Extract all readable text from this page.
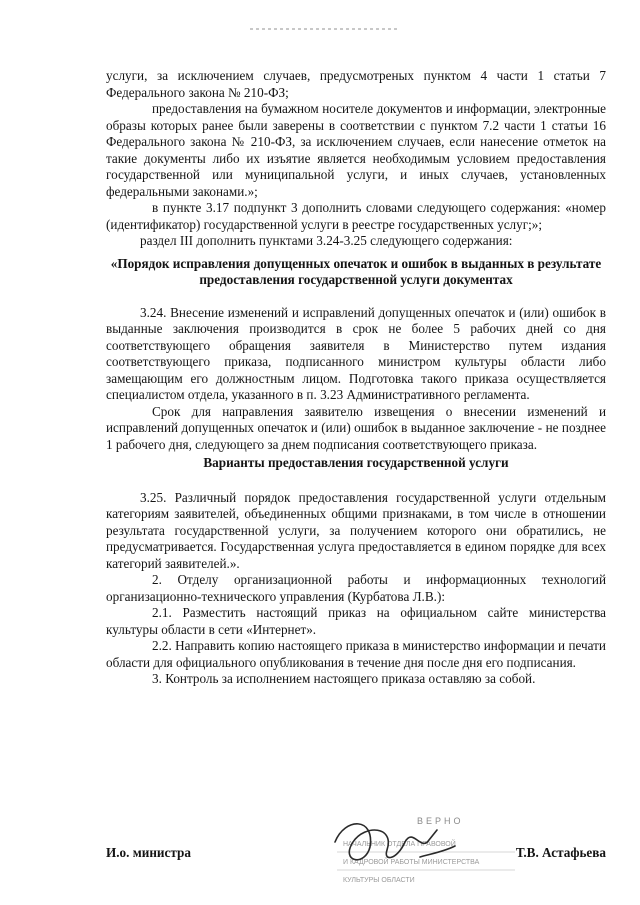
услуги, за исключением случаев, предусмотреных пунктом 4 части 1 статьи 7 Федерального закона № 210-ФЗ;

предоставления на бумажном носителе документов и информации, электронные образы которых ранее были заверены в соответствии с пунктом 7.2 части 1 статьи 16 Федерального закона № 210-ФЗ, за исключением случаев, если нанесение отметок на такие документы либо их изъятие является необходимым условием предоставления государственной или муниципальной услуги, и иных случаев, установленных федеральными законами.»;

в пункте 3.17 подпункт 3 дополнить словами следующего содержания: «номер (идентификатор) государственной услуги в реестре государственных услуг;»;

раздел III дополнить пунктами 3.24-3.25 следующего содержания:

«Порядок исправления допущенных опечаток и ошибок в выданных в результате предоставления государственной услуги документах

3.24. Внесение изменений и исправлений допущенных опечаток и (или) ошибок в выданные заключения производится в срок не более 5 рабочих дней со дня соответствующего обращения заявителя в Министерство путем издания соответствующего приказа, подписанного министром культуры области либо замещающим его должностным лицом. Подготовка такого приказа осуществляется специалистом отдела, указанного в п. 3.23 Административного регламента.

Срок для направления заявителю извещения о внесении изменений и исправлений допущенных опечаток и (или) ошибок в выданное заключение - не позднее 1 рабочего дня, следующего за днем подписания соответствующего приказа.

Варианты предоставления государственной услуги

3.25. Различный порядок предоставления государственной услуги отдельным категориям заявителей, объединенных общими признаками, в том числе в отношении результата государственной услуги, за получением которого они обратились, не предусматривается. Государственная услуга предоставляется в едином порядке для всех категорий заявителей.».

2. Отделу организационной работы и информационных технологий организационно-технического управления (Курбатова Л.В.):

2.1. Разместить настоящий приказ на официальном сайте министерства культуры области в сети «Интернет».

2.2. Направить копию настоящего приказа в министерство информации и печати области для официального опубликования в течение дня после дня его подписания.

3. Контроль за исполнением настоящего приказа оставляю за собой.

ВЕРНО
НАЧАЛЬНИК ОТДЕЛА ПРАВОВОЙ
И КАДРОВОЙ РАБОТЫ МИНИСТЕРСТВА
КУЛЬТУРЫ ОБЛАСТИ
И.о. министра	Т.В. Астафьева
